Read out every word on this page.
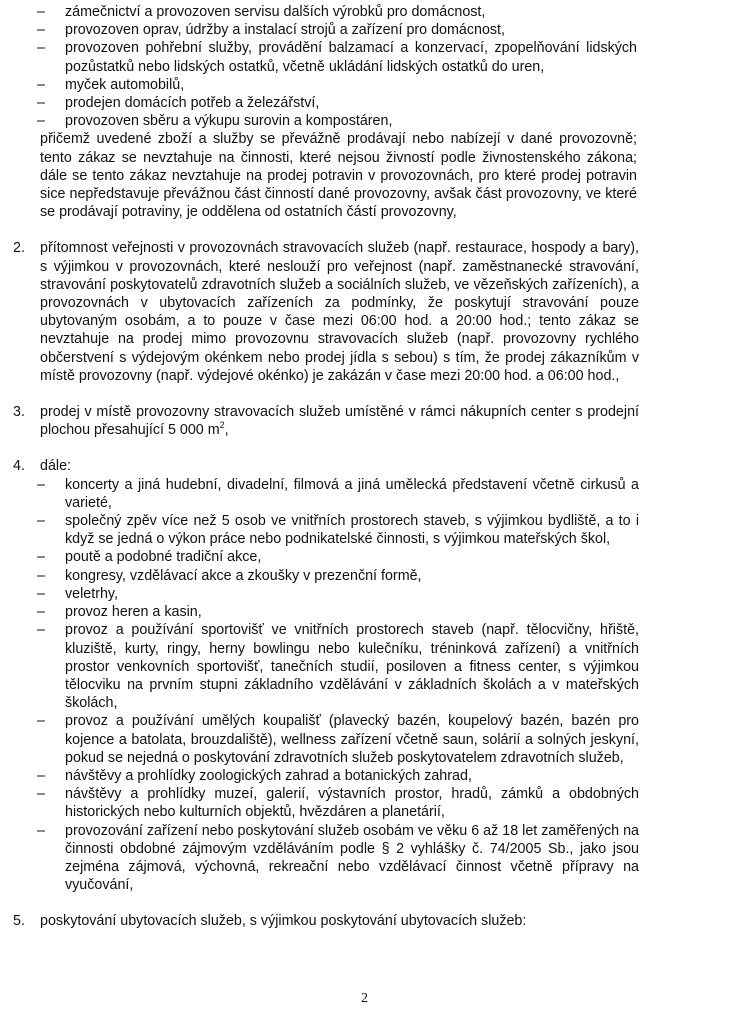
– zámečnictví a provozoven servisu dalších výrobků pro domácnost,
– provozoven oprav, údržby a instalací strojů a zařízení pro domácnost,
– provozoven pohřební služby, provádění balzamací a konzervací, zpopelňování lidských pozůstatků nebo lidských ostatků, včetně ukládání lidských ostatků do uren,
– myček automobilů,
– prodejen domácích potřeb a železářství,
– provozoven sběru a výkupu surovin a kompostáren,
přičemž uvedené zboží a služby se převážně prodávají nebo nabízejí v dané provozovně; tento zákaz se nevztahuje na činnosti, které nejsou živností podle živnostenského zákona; dále se tento zákaz nevztahuje na prodej potravin v provozovnách, pro které prodej potravin sice nepředstavuje převážnou část činností dané provozovny, avšak část provozovny, ve které se prodávají potraviny, je oddělena od ostatních částí provozovny,
2. přítomnost veřejnosti v provozovnách stravovacích služeb (např. restaurace, hospody a bary), s výjimkou v provozovnách, které neslouží pro veřejnost (např. zaměstnanecké stravování, stravování poskytovatelů zdravotních služeb a sociálních služeb, ve vězeňských zařízeních), a provozovnách v ubytovacích zařízeních za podmínky, že poskytují stravování pouze ubytovaným osobám, a to pouze v čase mezi 06:00 hod. a 20:00 hod.; tento zákaz se nevztahuje na prodej mimo provozovnu stravovacích služeb (např. provozovny rychlého občerstvení s výdejovým okénkem nebo prodej jídla s sebou) s tím, že prodej zákazníkům v místě provozovny (např. výdejové okénko) je zakázán v čase mezi 20:00 hod. a 06:00 hod.,
3. prodej v místě provozovny stravovacích služeb umístěné v rámci nákupních center s prodejní plochou přesahující 5 000 $m^2$,
4. dále:
– koncerty a jiná hudební, divadelní, filmová a jiná umělecká představení včetně cirkusů a varieté,
– společný zpěv více než 5 osob ve vnitřních prostorech staveb, s výjimkou bydliště, a to i když se jedná o výkon práce nebo podnikatelské činnosti, s výjimkou mateřských škol,
– poutě a podobné tradiční akce,
– kongresy, vzdělávací akce a zkoušky v prezenční formě,
– veletrhy,
– provoz heren a kasin,
– provoz a používání sportovišť ve vnitřních prostorech staveb (např. tělocvičny, hřiště, kluziště, kurty, ringy, herny bowlingu nebo kulečníku, tréninková zařízení) a vnitřních prostor venkovních sportovišť, tanečních studií, posiloven a fitness center, s výjimkou tělocviku na prvním stupni základního vzdělávání v základních školách a v mateřských školách,
– provoz a používání umělých koupališť (plavecký bazén, koupelový bazén, bazén pro kojence a batolata, brouzdaliště), wellness zařízení včetně saun, solárií a solných jeskyní, pokud se nejedná o poskytování zdravotních služeb poskytovatelem zdravotních služeb,
– návštěvy a prohlídky zoologických zahrad a botanických zahrad,
– návštěvy a prohlídky muzeí, galerií, výstavních prostor, hradů, zámků a obdobných historických nebo kulturních objektů, hvězdáren a planetárií,
– provozování zařízení nebo poskytování služeb osobám ve věku 6 až 18 let zaměřených na činnosti obdobné zájmovým vzděláváním podle § 2 vyhlášky č. 74/2005 Sb., jako jsou zejména zájmová, výchovná, rekreační nebo vzdělávací činnost včetně přípravy na vyučování,
5. poskytování ubytovacích služeb, s výjimkou poskytování ubytovacích služeb:
2
